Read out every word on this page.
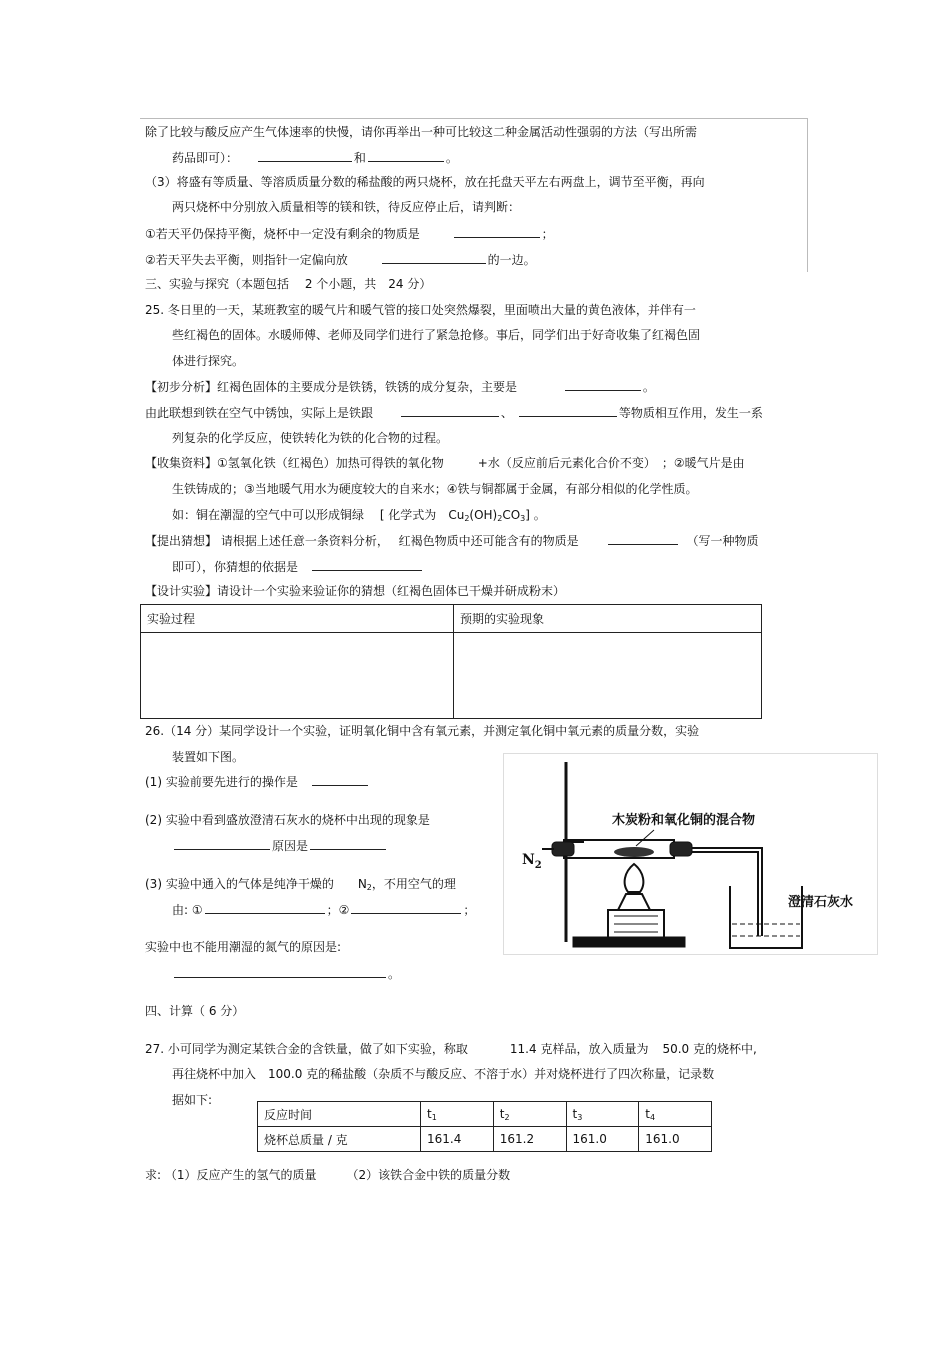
除了比较与酸反应产生气体速率的快慢，请你再举出一种可比较这二种金属活动性强弱的方法（写出所需
药品即可）：	和	。
（3）将盛有等质量、等溶质质量分数的稀盐酸的两只烧杯，放在托盘天平左右两盘上，调节至平衡，再向
两只烧杯中分别放入质量相等的镁和铁，待反应停止后，请判断：
①若天平仍保持平衡，烧杯中一定没有剩余的物质是	；
②若天平失去平衡，则指针一定偏向放	的一边。
三、实验与探究（本题包括　 2 个小题，共　24 分）
25. 冬日里的一天，某班教室的暖气片和暖气管的接口处突然爆裂，里面喷出大量的黄色液体，并伴有一
些红褐色的固体。水暖师傅、老师及同学们进行了紧急抢修。事后，同学们出于好奇收集了红褐色固
体进行探究。
【初步分析】红褐色固体的主要成分是铁锈，铁锈的成分复杂，主要是	。
由此联想到铁在空气中锈蚀，实际上是铁跟	、	等物质相互作用，发生一系
列复杂的化学反应，使铁转化为铁的化合物的过程。
【收集资料】①氢氧化铁（红褐色）加热可得铁的氧化物	+水（反应前后元素化合价不变）　；②暖气片是由
生铁铸成的；③当地暖气用水为硬度较大的自来水；④铁与铜都属于金属，有部分相似的化学性质。
如：铜在潮湿的空气中可以形成铜绿　 [ 化学式为　$Cu_2(OH)_2CO_3$] 。
【提出猜想】 请根据上述任意一条资料分析，　 红褐色物质中还可能含有的物质是	（写一种物质
即可），你猜想的依据是
【设计实验】请设计一个实验来验证你的猜想（红褐色固体已干燥并研成粉末）
实验过程	预期的实验现象

26.（14 分）某同学设计一个实验，证明氧化铜中含有氧元素，并测定氧化铜中氧元素的质量分数，实验
装置如下图。
(1) 实验前要先进行的操作是
(2) 实验中看到盛放澄清石灰水的烧杯中出现的现象是
原因是
(3) 实验中通入的气体是纯净干燥的　　$N_2$，不用空气的理
由: ①	；②	；
实验中也不能用潮湿的氮气的原因是:
。
木炭粉和氧化铜的混合物
$N_2$
澄清石灰水
四、计算（ 6 分）
27. 小可同学为测定某铁合金的含铁量，做了如下实验，称取	11.4 克样品，放入质量为 50.0 克的烧杯中,
再往烧杯中加入　100.0 克的稀盐酸（杂质不与酸反应、不溶于水）并对烧杯进行了四次称量，记录数
据如下:
反应时间	$t_1$	$t_2$	$t_3$	$t_4$
烧杯总质量 / 克	161.4	161.2	161.0	161.0
求: （1）反应产生的氢气的质量　　　（2）该铁合金中铁的质量分数
